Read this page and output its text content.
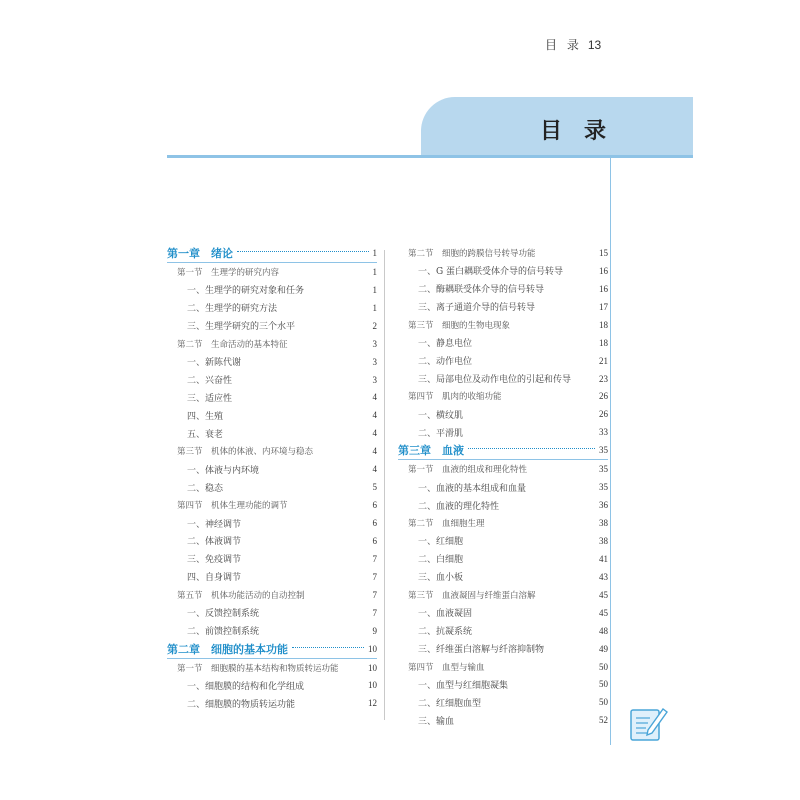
目 录 13
目录
第一章　绪论	1
第一节　生理学的研究内容	1
一、生理学的研究对象和任务	1
二、生理学的研究方法	1
三、生理学研究的三个水平	2
第二节　生命活动的基本特征	3
一、新陈代谢	3
二、兴奋性	3
三、适应性	4
四、生殖	4
五、衰老	4
第三节　机体的体液、内环境与稳态	4
一、体液与内环境	4
二、稳态	5
第四节　机体生理功能的调节	6
一、神经调节	6
二、体液调节	6
三、免疫调节	7
四、自身调节	7
第五节　机体功能活动的自动控制	7
一、反馈控制系统	7
二、前馈控制系统	9
第二章　细胞的基本功能	10
第一节　细胞膜的基本结构和物质转运功能	10
一、细胞膜的结构和化学组成	10
二、细胞膜的物质转运功能	12
第二节　细胞的跨膜信号转导功能	15
一、G 蛋白耦联受体介导的信号转导	16
二、酶耦联受体介导的信号转导	16
三、离子通道介导的信号转导	17
第三节　细胞的生物电现象	18
一、静息电位	18
二、动作电位	21
三、局部电位及动作电位的引起和传导	23
第四节　肌肉的收缩功能	26
一、横纹肌	26
二、平滑肌	33
第三章　血液	35
第一节　血液的组成和理化特性	35
一、血液的基本组成和血量	35
二、血液的理化特性	36
第二节　血细胞生理	38
一、红细胞	38
二、白细胞	41
三、血小板	43
第三节　血液凝固与纤维蛋白溶解	45
一、血液凝固	45
二、抗凝系统	48
三、纤维蛋白溶解与纤溶抑制物	49
第四节　血型与输血	50
一、血型与红细胞凝集	50
二、红细胞血型	50
三、输血	52
